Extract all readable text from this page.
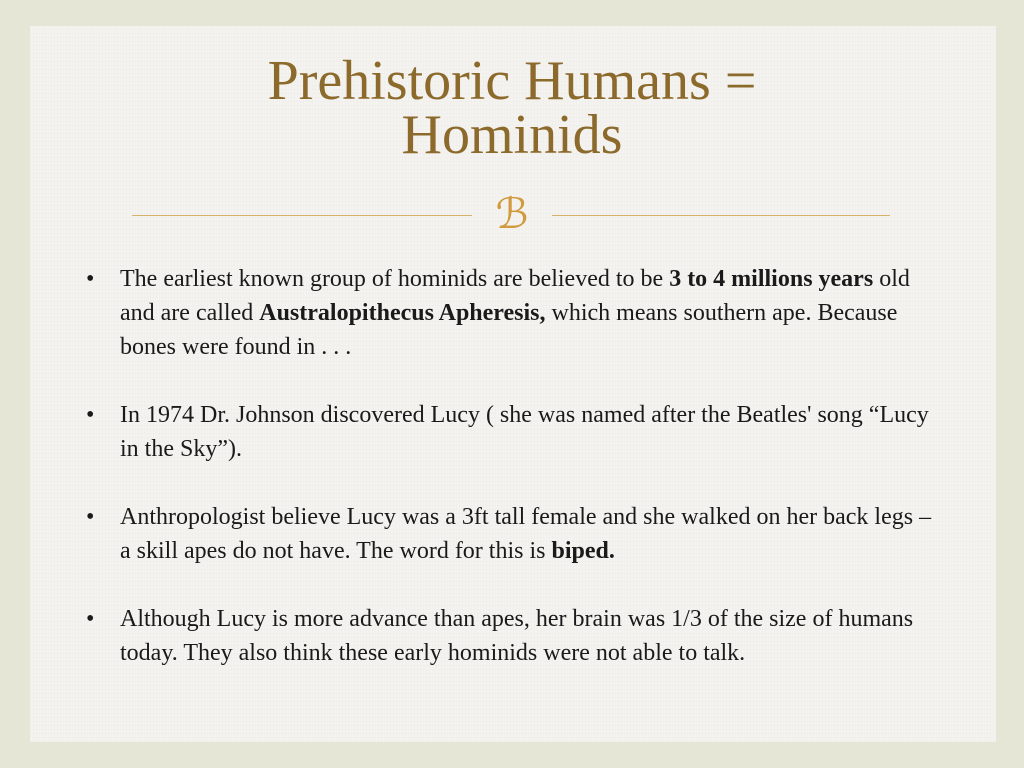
Prehistoric Humans =
Hominids
ℬ
• The earliest known group of hominids are believed to be 3 to 4 millions years old and are called Australopithecus Apheresis, which means southern ape. Because bones were found in . . .
• In 1974 Dr. Johnson discovered Lucy ( she was named after the Beatles' song “Lucy in the Sky”).
• Anthropologist believe Lucy was a 3ft tall female and she walked on her back legs – a skill apes do not have. The word for this is biped.
• Although Lucy is more advance than apes, her brain was 1/3 of the size of humans today. They also think these early hominids were not able to talk.
